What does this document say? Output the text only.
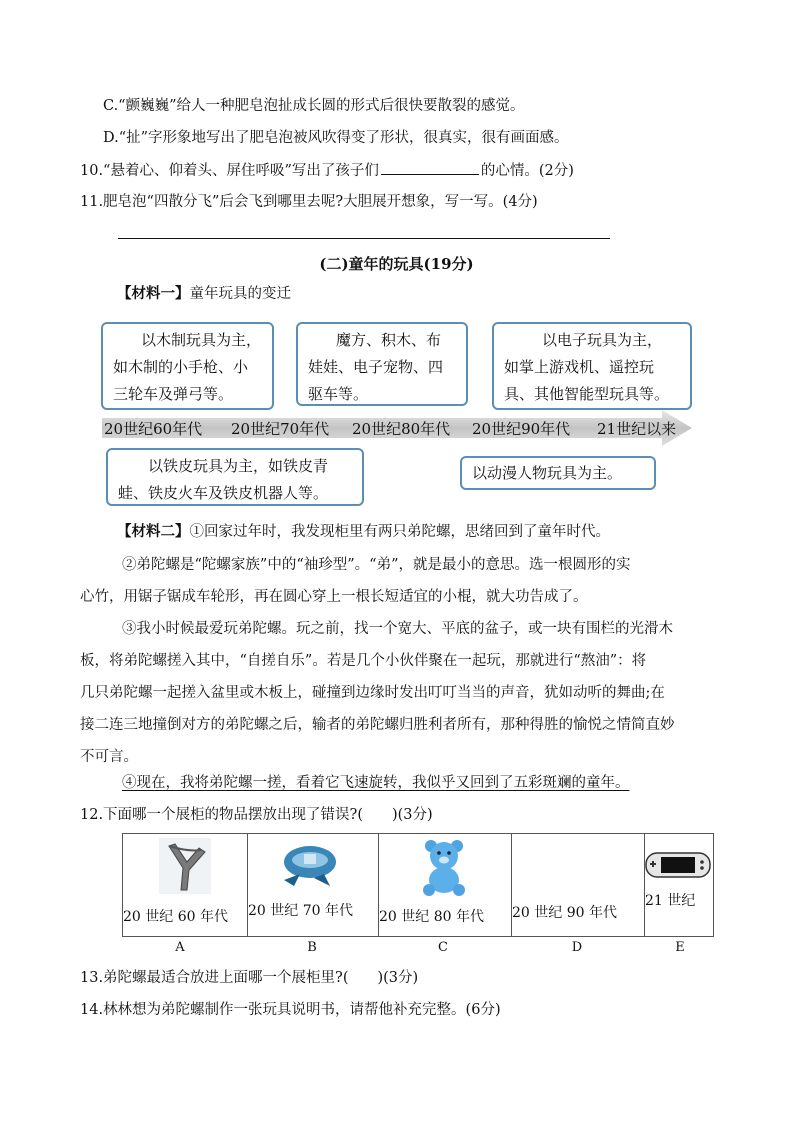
C.“颤巍巍”给人一种肥皂泡扯成长圆的形式后很快要散裂的感觉。
D.“扯”字形象地写出了肥皂泡被风吹得变了形状，很真实，很有画面感。
10.“悬着心、仰着头、屏住呼吸”写出了孩子们	的心情。(2分)
11.肥皂泡“四散分飞”后会飞到哪里去呢?大胆展开想象，写一写。(4分)
(二)童年的玩具(19分)
【材料一】童年玩具的变迁
以木制玩具为主，
如木制的小手枪、小
三轮车及弹弓等。
魔方、积木、布
娃娃、电子宠物、四
驱车等。
以电子玩具为主，
如掌上游戏机、遥控玩
具、其他智能型玩具等。
20世纪60年代 20世纪70年代 20世纪80年代 20世纪90年代 21世纪以来
以铁皮玩具为主，如铁皮青
蛙、铁皮火车及铁皮机器人等。
以动漫人物玩具为主。
【材料二】①回家过年时，我发现柜里有两只弟陀螺，思绪回到了童年时代。
②弟陀螺是“陀螺家族”中的“袖珍型”。“弟”，就是最小的意思。选一根圆形的实
心竹，用锯子锯成车轮形，再在圆心穿上一根长短适宜的小棍，就大功告成了。
③我小时候最爱玩弟陀螺。玩之前，找一个宽大、平底的盆子，或一块有围栏的光滑木
板，将弟陀螺搓入其中，“自搓自乐”。若是几个小伙伴聚在一起玩，那就进行“熬油”：将
几只弟陀螺一起搓入盆里或木板上，碰撞到边缘时发出叮叮当当的声音，犹如动听的舞曲;在
接二连三地撞倒对方的弟陀螺之后，输者的弟陀螺归胜利者所有，那种得胜的愉悦之情简直妙
不可言。
④现在，我将弟陀螺一搓，看着它飞速旋转，我似乎又回到了五彩斑斓的童年。
12.下面哪一个展柜的物品摆放出现了错误?(　　)(3分)
20 世纪 60 年代 20 世纪 70 年代 20 世纪 80 年代 20 世纪 90 年代
21 世纪
A	B	C	D	E
13.弟陀螺最适合放进上面哪一个展柜里?(　　)(3分)
14.林林想为弟陀螺制作一张玩具说明书，请帮他补充完整。(6分)
